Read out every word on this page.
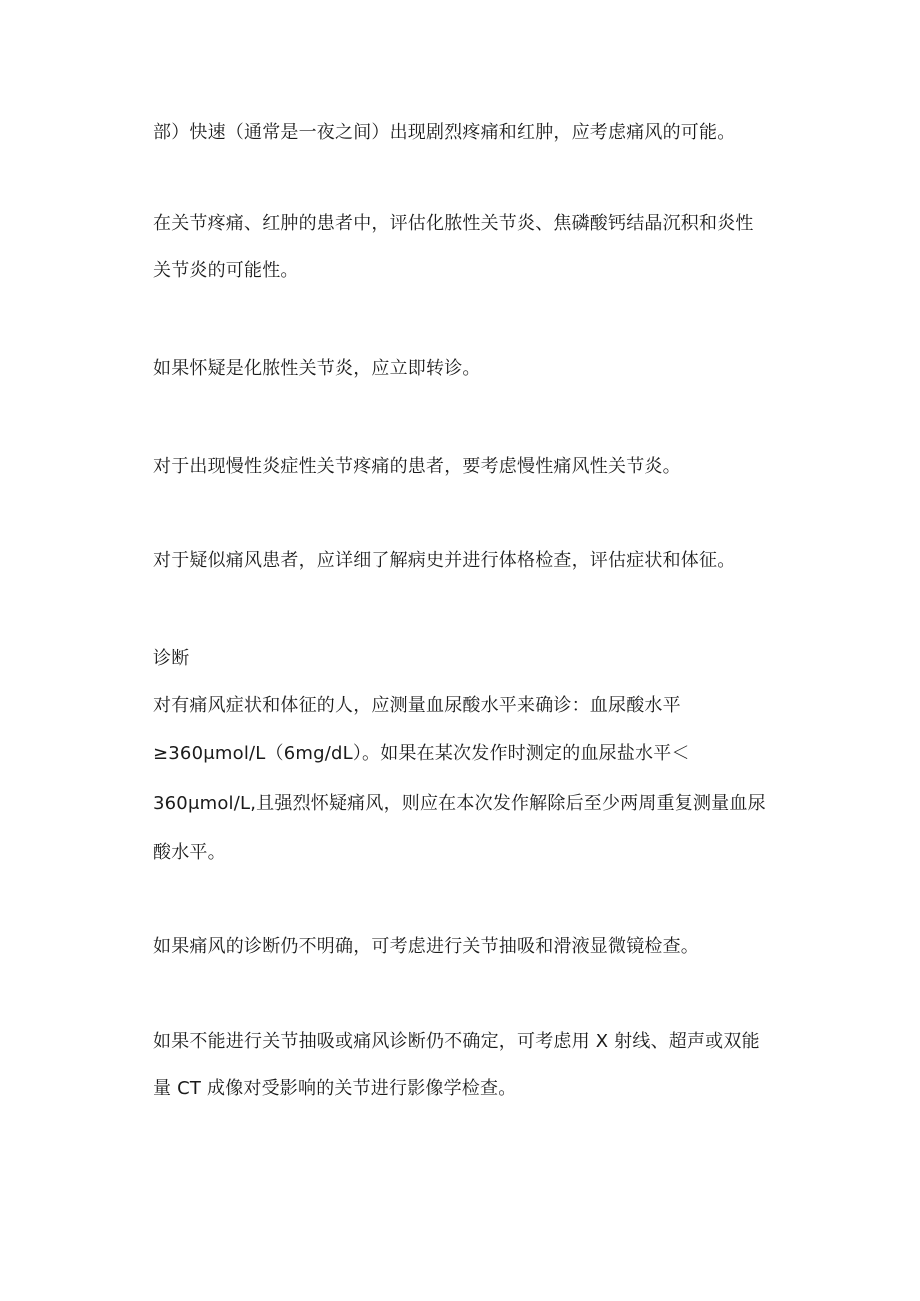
部）快速（通常是一夜之间）出现剧烈疼痛和红肿，应考虑痛风的可能。
在关节疼痛、红肿的患者中，评估化脓性关节炎、焦磷酸钙结晶沉积和炎性
关节炎的可能性。
如果怀疑是化脓性关节炎，应立即转诊。
对于出现慢性炎症性关节疼痛的患者，要考虑慢性痛风性关节炎。
对于疑似痛风患者，应详细了解病史并进行体格检查，评估症状和体征。
诊断
对有痛风症状和体征的人，应测量血尿酸水平来确诊：血尿酸水平
≥360μmol∕L（6mg/dL）。如果在某次发作时测定的血尿盐水平＜
360μmol∕L,且强烈怀疑痛风，则应在本次发作解除后至少两周重复测量血尿
酸水平。
如果痛风的诊断仍不明确，可考虑进行关节抽吸和滑液显微镜检查。
如果不能进行关节抽吸或痛风诊断仍不确定，可考虑用 X 射线、超声或双能
量 CT 成像对受影响的关节进行影像学检查。
